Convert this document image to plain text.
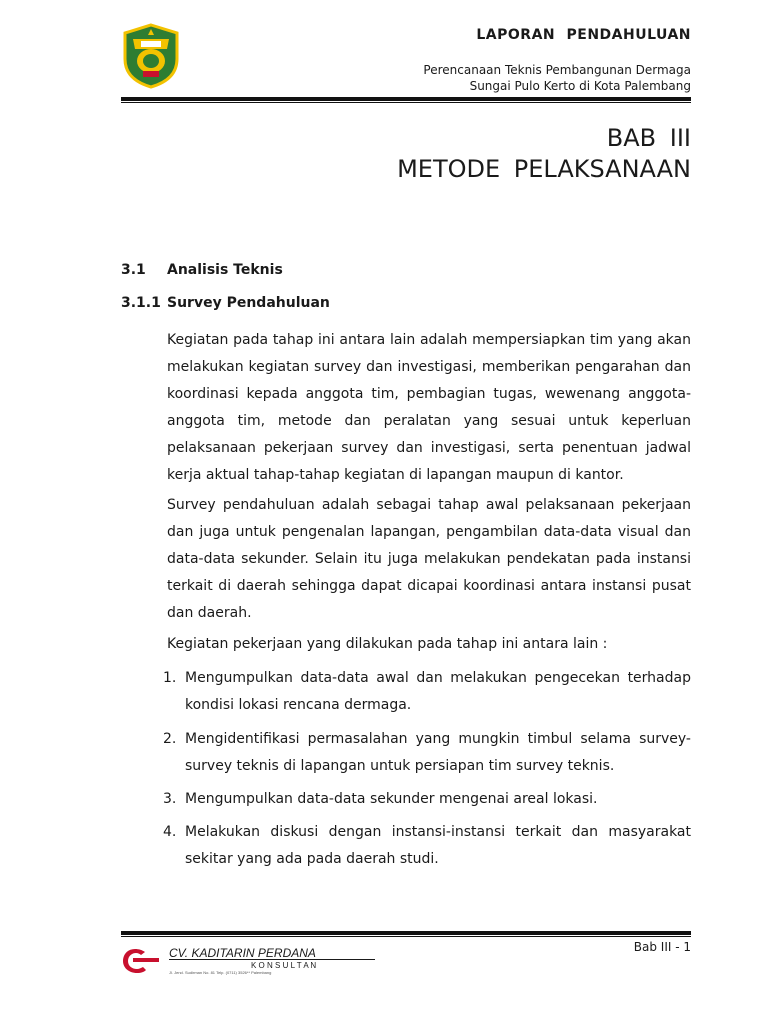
LAPORAN PENDAHULUAN
Perencanaan Teknis Pembangunan Dermaga
Sungai Pulo Kerto di Kota Palembang
BAB III
METODE PELAKSANAAN
3.1 Analisis Teknis
3.1.1 Survey Pendahuluan

Kegiatan pada tahap ini antara lain adalah mempersiapkan tim yang akan melakukan kegiatan survey dan investigasi, memberikan pengarahan dan koordinasi kepada anggota tim, pembagian tugas, wewenang anggota-anggota tim, metode dan peralatan yang sesuai untuk keperluan pelaksanaan pekerjaan survey dan investigasi, serta penentuan jadwal kerja aktual tahap-tahap kegiatan di lapangan maupun di kantor.

Survey pendahuluan adalah sebagai tahap awal pelaksanaan pekerjaan dan juga untuk pengenalan lapangan, pengambilan data-data visual dan data-data sekunder. Selain itu juga melakukan pendekatan pada instansi terkait di daerah sehingga dapat dicapai koordinasi antara instansi pusat dan daerah.

Kegiatan pekerjaan yang dilakukan pada tahap ini antara lain :

1. Mengumpulkan data-data awal dan melakukan pengecekan terhadap kondisi lokasi rencana dermaga.
2. Mengidentifikasi permasalahan yang mungkin timbul selama survey-survey teknis di lapangan untuk persiapan tim survey teknis.
3. Mengumpulkan data-data sekunder mengenai areal lokasi.
4. Melakukan diskusi dengan instansi-instansi terkait dan masyarakat sekitar yang ada pada daerah studi.
CV. KADITARIN PERDANA
K O N S U L T A N
Jl. Jend. Sudirman No. 81 Telp. (0711) 3526** Palembang
Bab III - 1
